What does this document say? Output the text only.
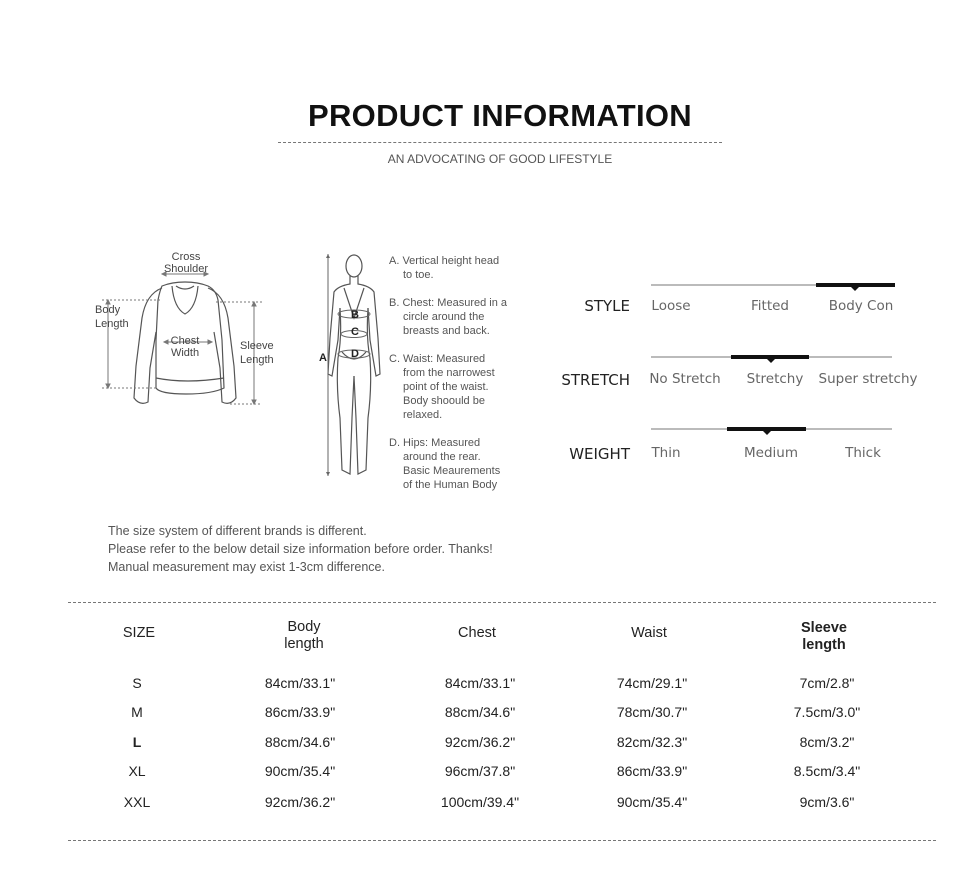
PRODUCT INFORMATION
AN ADVOCATING OF GOOD LIFESTYLE
Cross
Shoulder
Body
Length
Chest
Width
Sleeve
Length	A
B
C
D

A. Vertical height head

to toe.

B. Chest: Measured in a

circle around the
breasts and back.

C. Waist: Measured

from the narrowest
point of the waist.
Body shoould be
relaxed.

D. Hips: Measured

around the rear.
Basic Meaurements
of the Human Body

STYLE	Loose	Fitted	Body Con
STRETCH	No Stretch	Stretchy	Super stretchy
WEIGHT	Thin	Medium	Thick
The size system of different brands is different.
Please refer to the below detail size information before order. Thanks!
Manual measurement may exist 1-3cm difference.
SIZE	Body
length
Chest	Waist	Sleeve
length
S	84cm/33.1"	84cm/33.1"	74cm/29.1"	7cm/2.8"
M	86cm/33.9"	88cm/34.6"	78cm/30.7"	7.5cm/3.0"
L	88cm/34.6"	92cm/36.2"	82cm/32.3"	8cm/3.2"
XL	90cm/35.4"	96cm/37.8"	86cm/33.9"	8.5cm/3.4"
XXL	92cm/36.2"	100cm/39.4"	90cm/35.4"	9cm/3.6"
